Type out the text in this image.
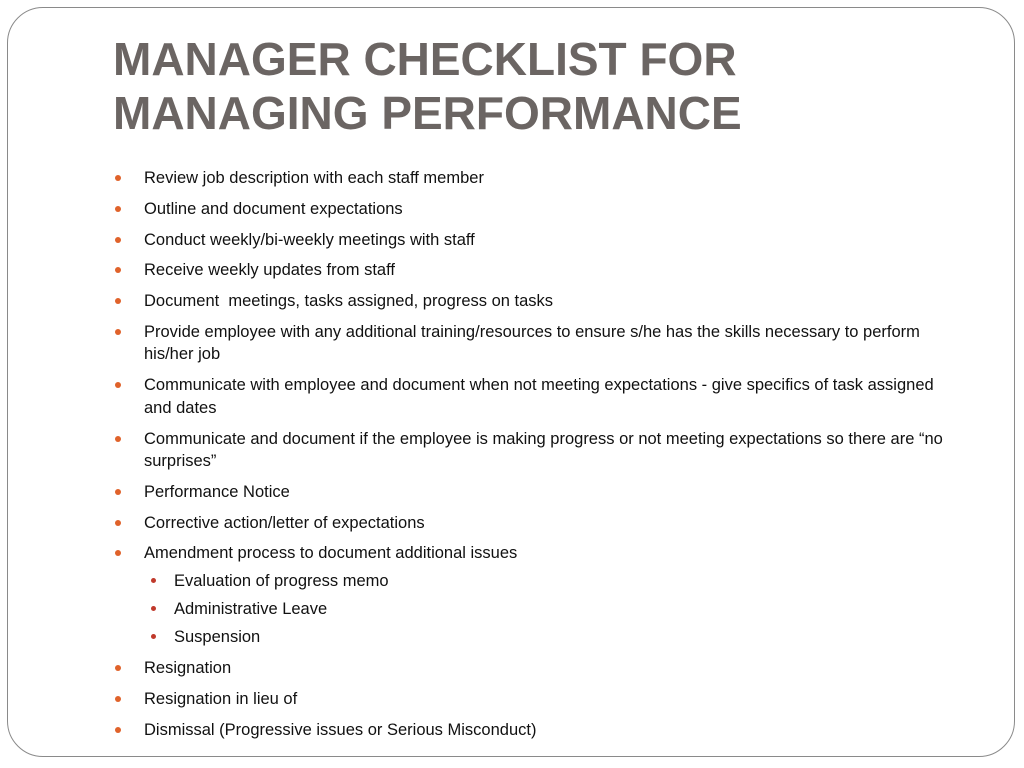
MANAGER CHECKLIST FOR
MANAGING PERFORMANCE
Review job description with each staff member
Outline and document expectations
Conduct weekly/bi-weekly meetings with staff
Receive weekly updates from staff
Document  meetings, tasks assigned, progress on tasks
Provide employee with any additional training/resources to ensure s/he has the skills necessary to perform his/her job
Communicate with employee and document when not meeting expectations - give specifics of task assigned and dates
Communicate and document if the employee is making progress or not meeting expectations so there are “no surprises”
Performance Notice
Corrective action/letter of expectations
Amendment process to document additional issues
Evaluation of progress memo
Administrative Leave
Suspension
Resignation
Resignation in lieu of
Dismissal (Progressive issues or Serious Misconduct)
